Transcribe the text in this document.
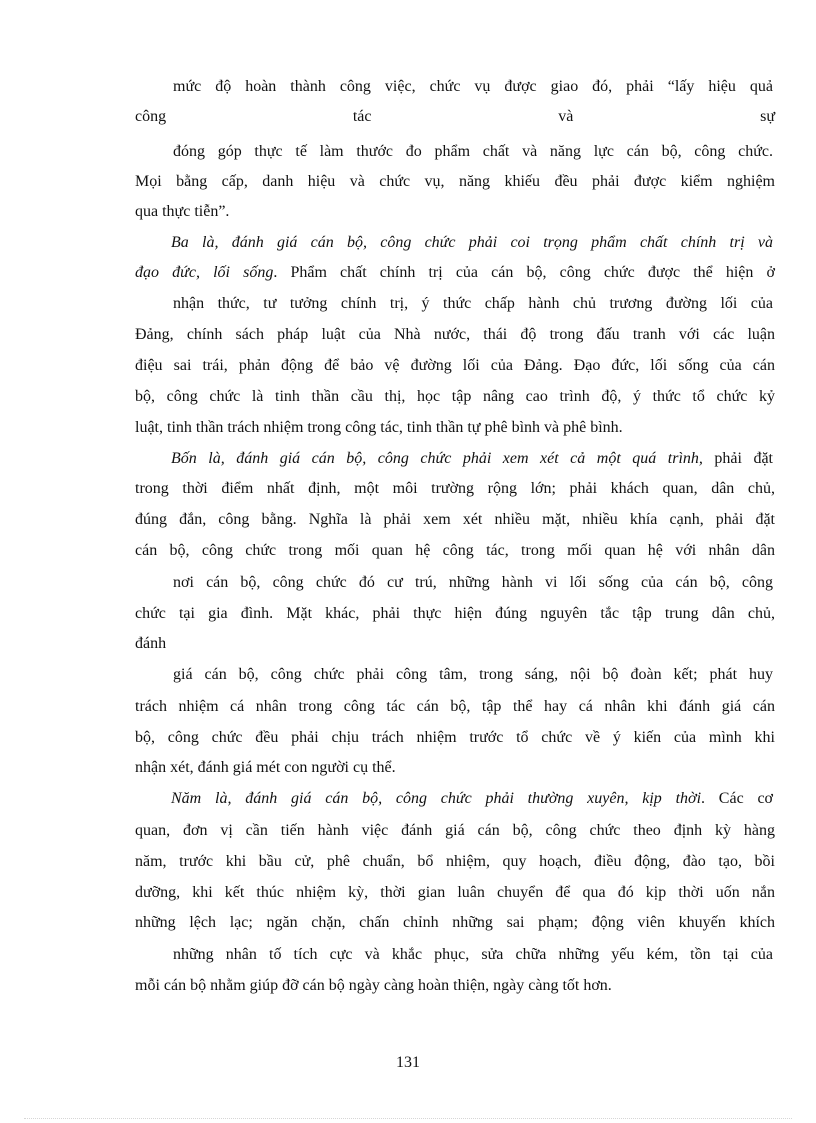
mức độ hoàn thành công việc, chức vụ được giao đó, phải “lấy hiệu quả
công tác và sự
đóng góp thực tế làm thước đo phẩm chất và năng lực cán bộ, công chức.
Mọi bằng cấp, danh hiệu và chức vụ, năng khiếu đều phải được kiểm nghiệm
qua thực tiễn”.
Ba là, đánh giá cán bộ, công chức phải coi trọng phẩm chất chính trị và
đạo đức, lối sống. Phẩm chất chính trị của cán bộ, công chức được thể hiện ở
nhận thức, tư tưởng chính trị, ý thức chấp hành chủ trương đường lối của
Đảng, chính sách pháp luật của Nhà nước, thái độ trong đấu tranh với các luận
điệu sai trái, phản động để bảo vệ đường lối của Đảng. Đạo đức, lối sống của cán
bộ, công chức là tinh thần cầu thị, học tập nâng cao trình độ, ý thức tổ chức kỷ
luật, tinh thần trách nhiệm trong công tác, tinh thần tự phê bình và phê bình.
Bốn là, đánh giá cán bộ, công chức phải xem xét cả một quá trình, phải đặt
trong thời điểm nhất định, một môi trường rộng lớn; phải khách quan, dân chủ,
đúng đắn, công bằng. Nghĩa là phải xem xét nhiều mặt, nhiều khía cạnh, phải đặt
cán bộ, công chức trong mối quan hệ công tác, trong mối quan hệ với nhân dân
nơi cán bộ, công chức đó cư trú, những hành vi lối sống của cán bộ, công
chức tại gia đình. Mặt khác, phải thực hiện đúng nguyên tắc tập trung dân chủ,
đánh
giá cán bộ, công chức phải công tâm, trong sáng, nội bộ đoàn kết; phát huy
trách nhiệm cá nhân trong công tác cán bộ, tập thể hay cá nhân khi đánh giá cán
bộ, công chức đều phải chịu trách nhiệm trước tổ chức về ý kiến của mình khi
nhận xét, đánh giá mét con người cụ thể.
Năm là, đánh giá cán bộ, công chức phải thường xuyên, kịp thời. Các cơ
quan, đơn vị cần tiến hành việc đánh giá cán bộ, công chức theo định kỳ hàng
năm, trước khi bầu cử, phê chuẩn, bổ nhiệm, quy hoạch, điều động, đào tạo, bồi
dưỡng, khi kết thúc nhiệm kỳ, thời gian luân chuyển để qua đó kịp thời uốn nắn
những lệch lạc; ngăn chặn, chấn chỉnh những sai phạm; động viên khuyến khích
những nhân tố tích cực và khắc phục, sửa chữa những yếu kém, tồn tại của
mỗi cán bộ nhằm giúp đỡ cán bộ ngày càng hoàn thiện, ngày càng tốt hơn.
131
